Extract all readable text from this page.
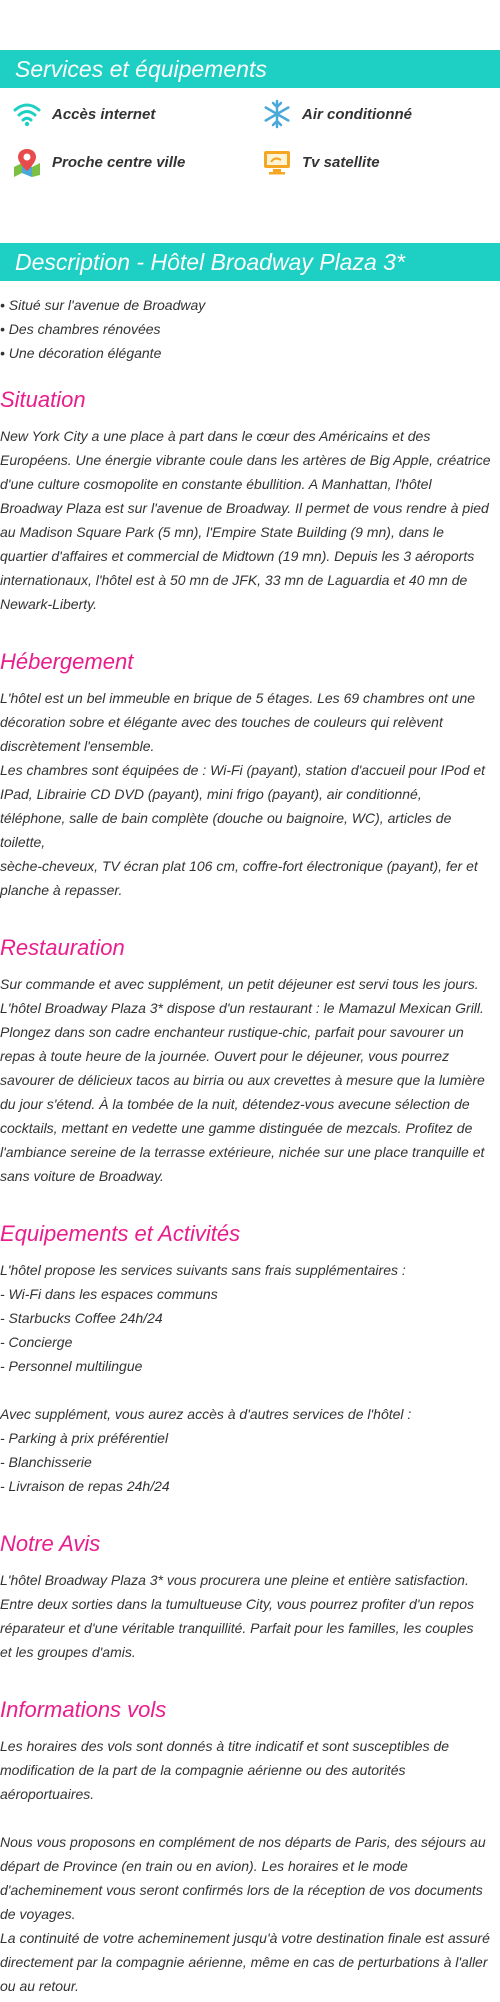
Services et équipements
Accès internet	Air conditionné
Proche centre ville	Tv satellite
Description - Hôtel Broadway Plaza 3*
• Situé sur l'avenue de Broadway
• Des chambres rénovées
• Une décoration élégante
Situation

New York City a une place à part dans le cœur des Américains et des
Européens. Une énergie vibrante coule dans les artères de Big Apple, créatrice
d'une culture cosmopolite en constante ébullition. A Manhattan, l'hôtel
Broadway Plaza est sur l'avenue de Broadway. Il permet de vous rendre à pied
au Madison Square Park (5 mn), l'Empire State Building (9 mn), dans le
quartier d'affaires et commercial de Midtown (19 mn). Depuis les 3 aéroports
internationaux, l'hôtel est à 50 mn de JFK, 33 mn de Laguardia et 40 mn de
Newark-Liberty.

Hébergement

L'hôtel est un bel immeuble en brique de 5 étages. Les 69 chambres ont une
décoration sobre et élégante avec des touches de couleurs qui relèvent
discrètement l'ensemble.
Les chambres sont équipées de : Wi-Fi (payant), station d'accueil pour IPod et
IPad, Librairie CD DVD (payant), mini frigo (payant), air conditionné,
téléphone, salle de bain complète (douche ou baignoire, WC), articles de toilette,
sèche-cheveux, TV écran plat 106 cm, coffre-fort électronique (payant), fer et
planche à repasser.

Restauration

Sur commande et avec supplément, un petit déjeuner est servi tous les jours.
L'hôtel Broadway Plaza 3* dispose d'un restaurant : le Mamazul Mexican Grill.
Plongez dans son cadre enchanteur rustique-chic, parfait pour savourer un
repas à toute heure de la journée. Ouvert pour le déjeuner, vous pourrez
savourer de délicieux tacos au birria ou aux crevettes à mesure que la lumière
du jour s'étend. À la tombée de la nuit, détendez-vous avecune sélection de
cocktails, mettant en vedette une gamme distinguée de mezcals. Profitez de
l'ambiance sereine de la terrasse extérieure, nichée sur une place tranquille et
sans voiture de Broadway.

Equipements et Activités

L'hôtel propose les services suivants sans frais supplémentaires :
- Wi-Fi dans les espaces communs
- Starbucks Coffee 24h/24
- Concierge
- Personnel multilingue
Avec supplément, vous aurez accès à d'autres services de l'hôtel :
- Parking à prix préférentiel
- Blanchisserie
- Livraison de repas 24h/24

Notre Avis

L'hôtel Broadway Plaza 3* vous procurera une pleine et entière satisfaction.
Entre deux sorties dans la tumultueuse City, vous pourrez profiter d'un repos
réparateur et d'une véritable tranquillité. Parfait pour les familles, les couples
et les groupes d'amis.

Informations vols

Les horaires des vols sont donnés à titre indicatif et sont susceptibles de
modification de la part de la compagnie aérienne ou des autorités
aéroportuaires.
Nous vous proposons en complément de nos départs de Paris, des séjours au
départ de Province (en train ou en avion). Les horaires et le mode
d'acheminement vous seront confirmés lors de la réception de vos documents
de voyages.
La continuité de votre acheminement jusqu'à votre destination finale est assuré
directement par la compagnie aérienne, même en cas de perturbations à l'aller
ou au retour.
